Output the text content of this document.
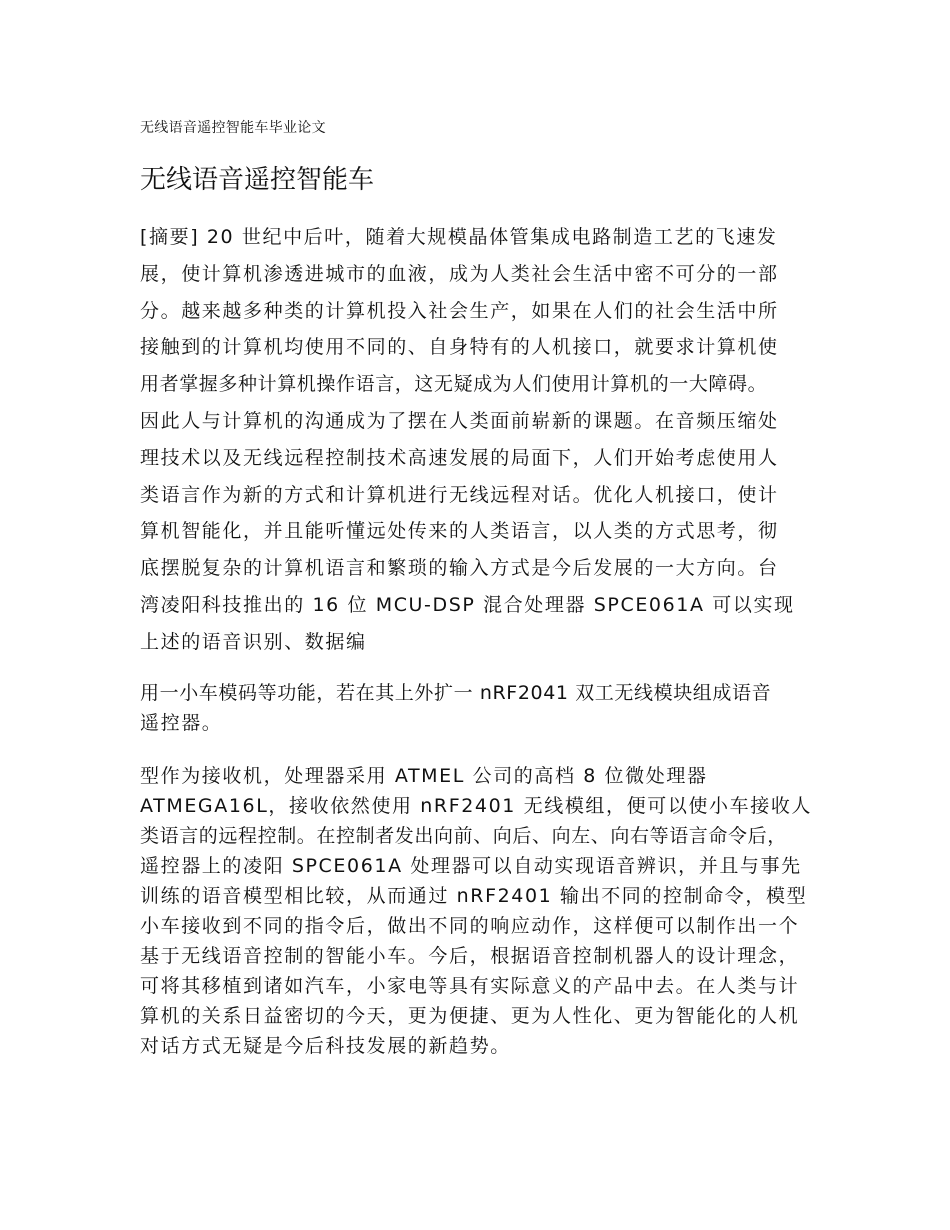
无线语音遥控智能车毕业论文
无线语音遥控智能车
[摘要] 20 世纪中后叶，随着大规模晶体管集成电路制造工艺的飞速发
展，使计算机渗透进城市的血液，成为人类社会生活中密不可分的一部
分。越来越多种类的计算机投入社会生产，如果在人们的社会生活中所
接触到的计算机均使用不同的、自身特有的人机接口，就要求计算机使
用者掌握多种计算机操作语言，这无疑成为人们使用计算机的一大障碍。
因此人与计算机的沟通成为了摆在人类面前崭新的课题。在音频压缩处
理技术以及无线远程控制技术高速发展的局面下，人们开始考虑使用人
类语言作为新的方式和计算机进行无线远程对话。优化人机接口，使计
算机智能化，并且能听懂远处传来的人类语言，以人类的方式思考，彻
底摆脱复杂的计算机语言和繁琐的输入方式是今后发展的一大方向。台
湾凌阳科技推出的 16 位 MCU-DSP 混合处理器 SPCE061A 可以实现
上述的语音识别、数据编
用一小车模码等功能，若在其上外扩一 nRF2041 双工无线模块组成语音
遥控器。
型作为接收机，处理器采用 ATMEL 公司的高档 8 位微处理器
ATMEGA16L，接收依然使用 nRF2401 无线模组，便可以使小车接收人
类语言的远程控制。在控制者发出向前、向后、向左、向右等语言命令后，
遥控器上的凌阳 SPCE061A 处理器可以自动实现语音辨识，并且与事先
训练的语音模型相比较，从而通过 nRF2401 输出不同的控制命令，模型
小车接收到不同的指令后，做出不同的响应动作，这样便可以制作出一个
基于无线语音控制的智能小车。今后，根据语音控制机器人的设计理念，
可将其移植到诸如汽车，小家电等具有实际意义的产品中去。在人类与计
算机的关系日益密切的今天，更为便捷、更为人性化、更为智能化的人机
对话方式无疑是今后科技发展的新趋势。
